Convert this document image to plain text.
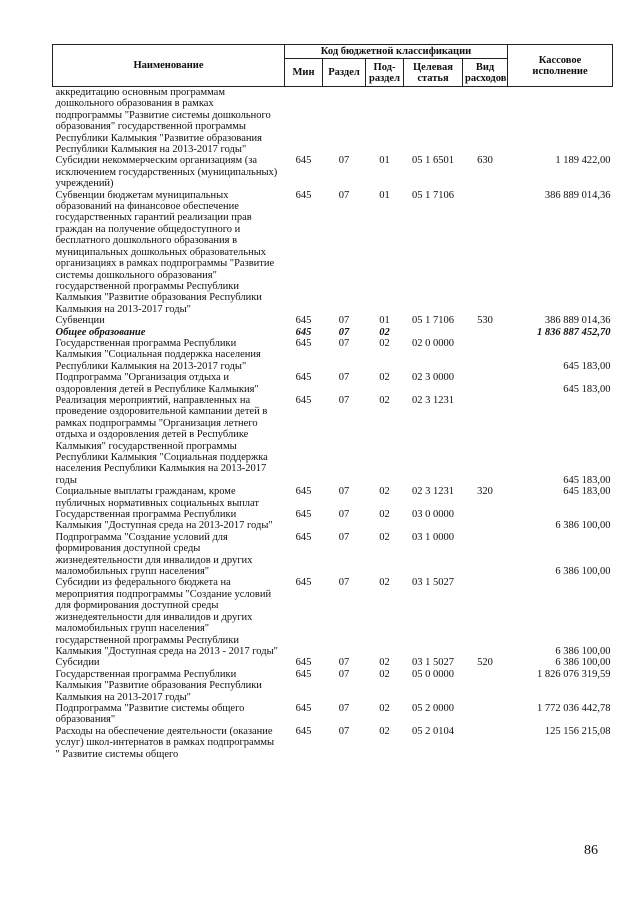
Наименование	Код бюджетной классификации					Кассовое исполнение
	Мин	Раздел	Под-раздел	Целевая статья	Вид расходов	
аккредитацию основным программам дошкольного образования в рамках подпрограммы "Развитие системы дошкольного образования" государственной программы Республики Калмыкия "Развитие образования Республики Калмыкия на 2013-2017 годы"						
Субсидии некоммерческим организациям (за исключением государственных (муниципальных) учреждений)	645	07	01	05 1 6501	630	1 189 422,00
Субвенции бюджетам муниципальных образований на финансовое обеспечение государственных гарантий реализации прав граждан на получение общедоступного и бесплатного дошкольного образования в муниципальных дошкольных образовательных организациях в рамках подпрограммы "Развитие системы дошкольного образования" государственной программы Республики Калмыкия "Развитие образования Республики Калмыкия на 2013-2017 годы"	645	07	01	05 1 7106		386 889 014,36
Субвенции	645	07	01	05 1 7106	530	386 889 014,36
Общее образование	645	07	02			1 836 887 452,70
Государственная программа Республики Калмыкия "Социальная поддержка населения Республики Калмыкия на 2013-2017 годы"	645	07	02	02 0 0000		645 183,00
Подпрограмма "Организация отдыха и оздоровления детей в Республике Калмыкия"	645	07	02	02 3 0000		645 183,00
Реализация мероприятий, направленных на проведение оздоровительной кампании детей в рамках подпрограммы "Организация летнего отдыха и оздоровления детей в Республике Калмыкия" государственной программы Республики Калмыкия "Социальная поддержка населения Республики Калмыкия на 2013-2017 годы	645	07	02	02 3 1231		645 183,00
Социальные выплаты гражданам, кроме публичных нормативных социальных выплат	645	07	02	02 3 1231	320	645 183,00
Государственная программа Республики Калмыкия "Доступная среда на 2013-2017 годы"	645	07	02	03 0 0000		6 386 100,00
Подпрограмма "Создание условий для формирования доступной среды жизнедеятельности для инвалидов и других маломобильных групп населения"	645	07	02	03 1 0000		6 386 100,00
Субсидии из федерального бюджета на мероприятия подпрограммы "Создание условий для формирования доступной среды жизнедеятельности для инвалидов и других маломобильных групп населения" государственной программы Республики Калмыкия "Доступная среда на 2013 - 2017 годы"	645	07	02	03 1 5027		6 386 100,00
Субсидии	645	07	02	03 1 5027	520	6 386 100,00
Государственная программа Республики Калмыкия "Развитие образования Республики Калмыкия на 2013-2017 годы"	645	07	02	05 0 0000		1 826 076 319,59
Подпрограмма "Развитие системы общего образования"	645	07	02	05 2 0000		1 772 036 442,78
Расходы на обеспечение деятельности (оказание услуг) школ-интернатов в рамках подпрограммы " Развитие системы общего	645	07	02	05 2 0104		125 156 215,08
86
